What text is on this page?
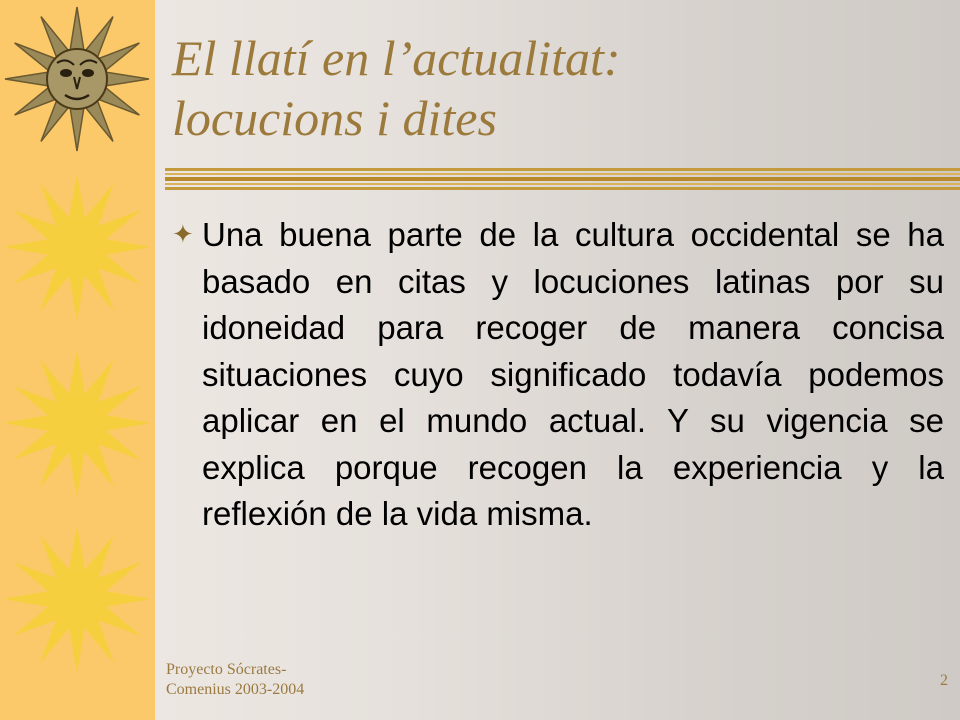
El llatí en l’actualitat:
locucions i dites

✦ Una buena parte de la cultura occidental se ha basado en citas y locuciones latinas por su idoneidad para recoger de manera concisa situaciones cuyo significado todavía podemos aplicar en el mundo actual. Y su vigencia se explica porque recogen la experiencia y la reflexión de la vida misma.

Proyecto Sócrates-
Comenius 2003-2004
2
